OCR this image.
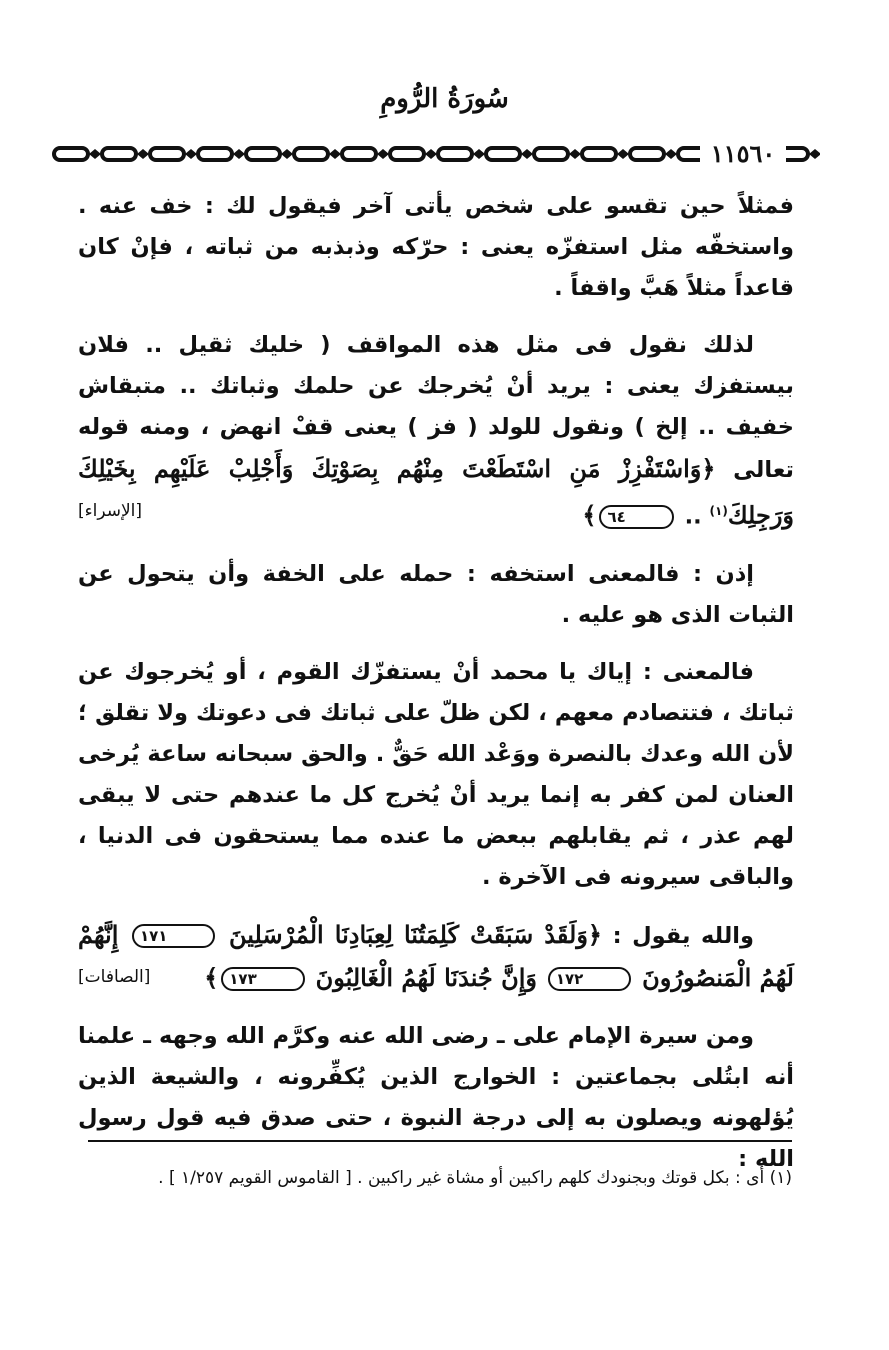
سُورَةُ الرُّومِ
١١٥٦٠

فمثلاً حين تقسو على شخص يأتى آخر فيقول لك : خف عنه . واستخفّه مثل استفزّه يعنى : حرّكه وذبذبه من ثباته ، فإنْ كان قاعداً مثلاً هَبَّ واقفاً .

لذلك نقول فى مثل هذه المواقف ( خليك ثقيل .. فلان بيستفزك يعنى : يريد أنْ يُخرجك عن حلمك وثباتك .. متبقاش خفيف .. إلخ ) ونقول للولد ( فز ) يعنى قفْ انهض ، ومنه قوله تعالى ﴿وَاسْتَفْزِزْ مَنِ اسْتَطَعْتَ مِنْهُم بِصَوْتِكَ وَأَجْلِبْ عَلَيْهِم بِخَيْلِكَ وَرَجِلِكَ$^{(١)}$ .. ٦٤﴾
[الإسراء]

إذن : فالمعنى استخفه : حمله على الخفة وأن يتحول عن الثبات الذى هو عليه .

فالمعنى : إياك يا محمد أنْ يستفزّك القوم ، أو يُخرجوك عن ثباتك ، فتتصادم معهم ، لكن ظلّ على ثباتك فى دعوتك ولا تقلق ؛ لأن الله وعدك بالنصرة ووَعْد الله حَقٌّ . والحق سبحانه ساعة يُرخى العنان لمن كفر به إنما يريد أنْ يُخرج كل ما عندهم حتى لا يبقى لهم عذر ، ثم يقابلهم ببعض ما عنده مما يستحقون فى الدنيا ، والباقى سيرونه فى الآخرة .

والله يقول : ﴿وَلَقَدْ سَبَقَتْ كَلِمَتُنَا لِعِبَادِنَا الْمُرْسَلِينَ ١٧١ إِنَّهُمْ لَهُمُ الْمَنصُورُونَ ١٧٢ وَإِنَّ جُندَنَا لَهُمُ الْغَالِبُونَ ١٧٣﴾
[الصافات]

ومن سيرة الإمام على ـ رضى الله عنه وكرَّم الله وجهه ـ علمنا أنه ابتُلى بجماعتين : الخوارج الذين يُكفِّرونه ، والشيعة الذين يُؤلهونه ويصلون به إلى درجة النبوة ، حتى صدق فيه قول رسول الله :

(١) أى : بكل قوتك وبجنودك كلهم راكبين أو مشاة غير راكبين . [ القاموس القويم ١/٢٥٧ ] .
